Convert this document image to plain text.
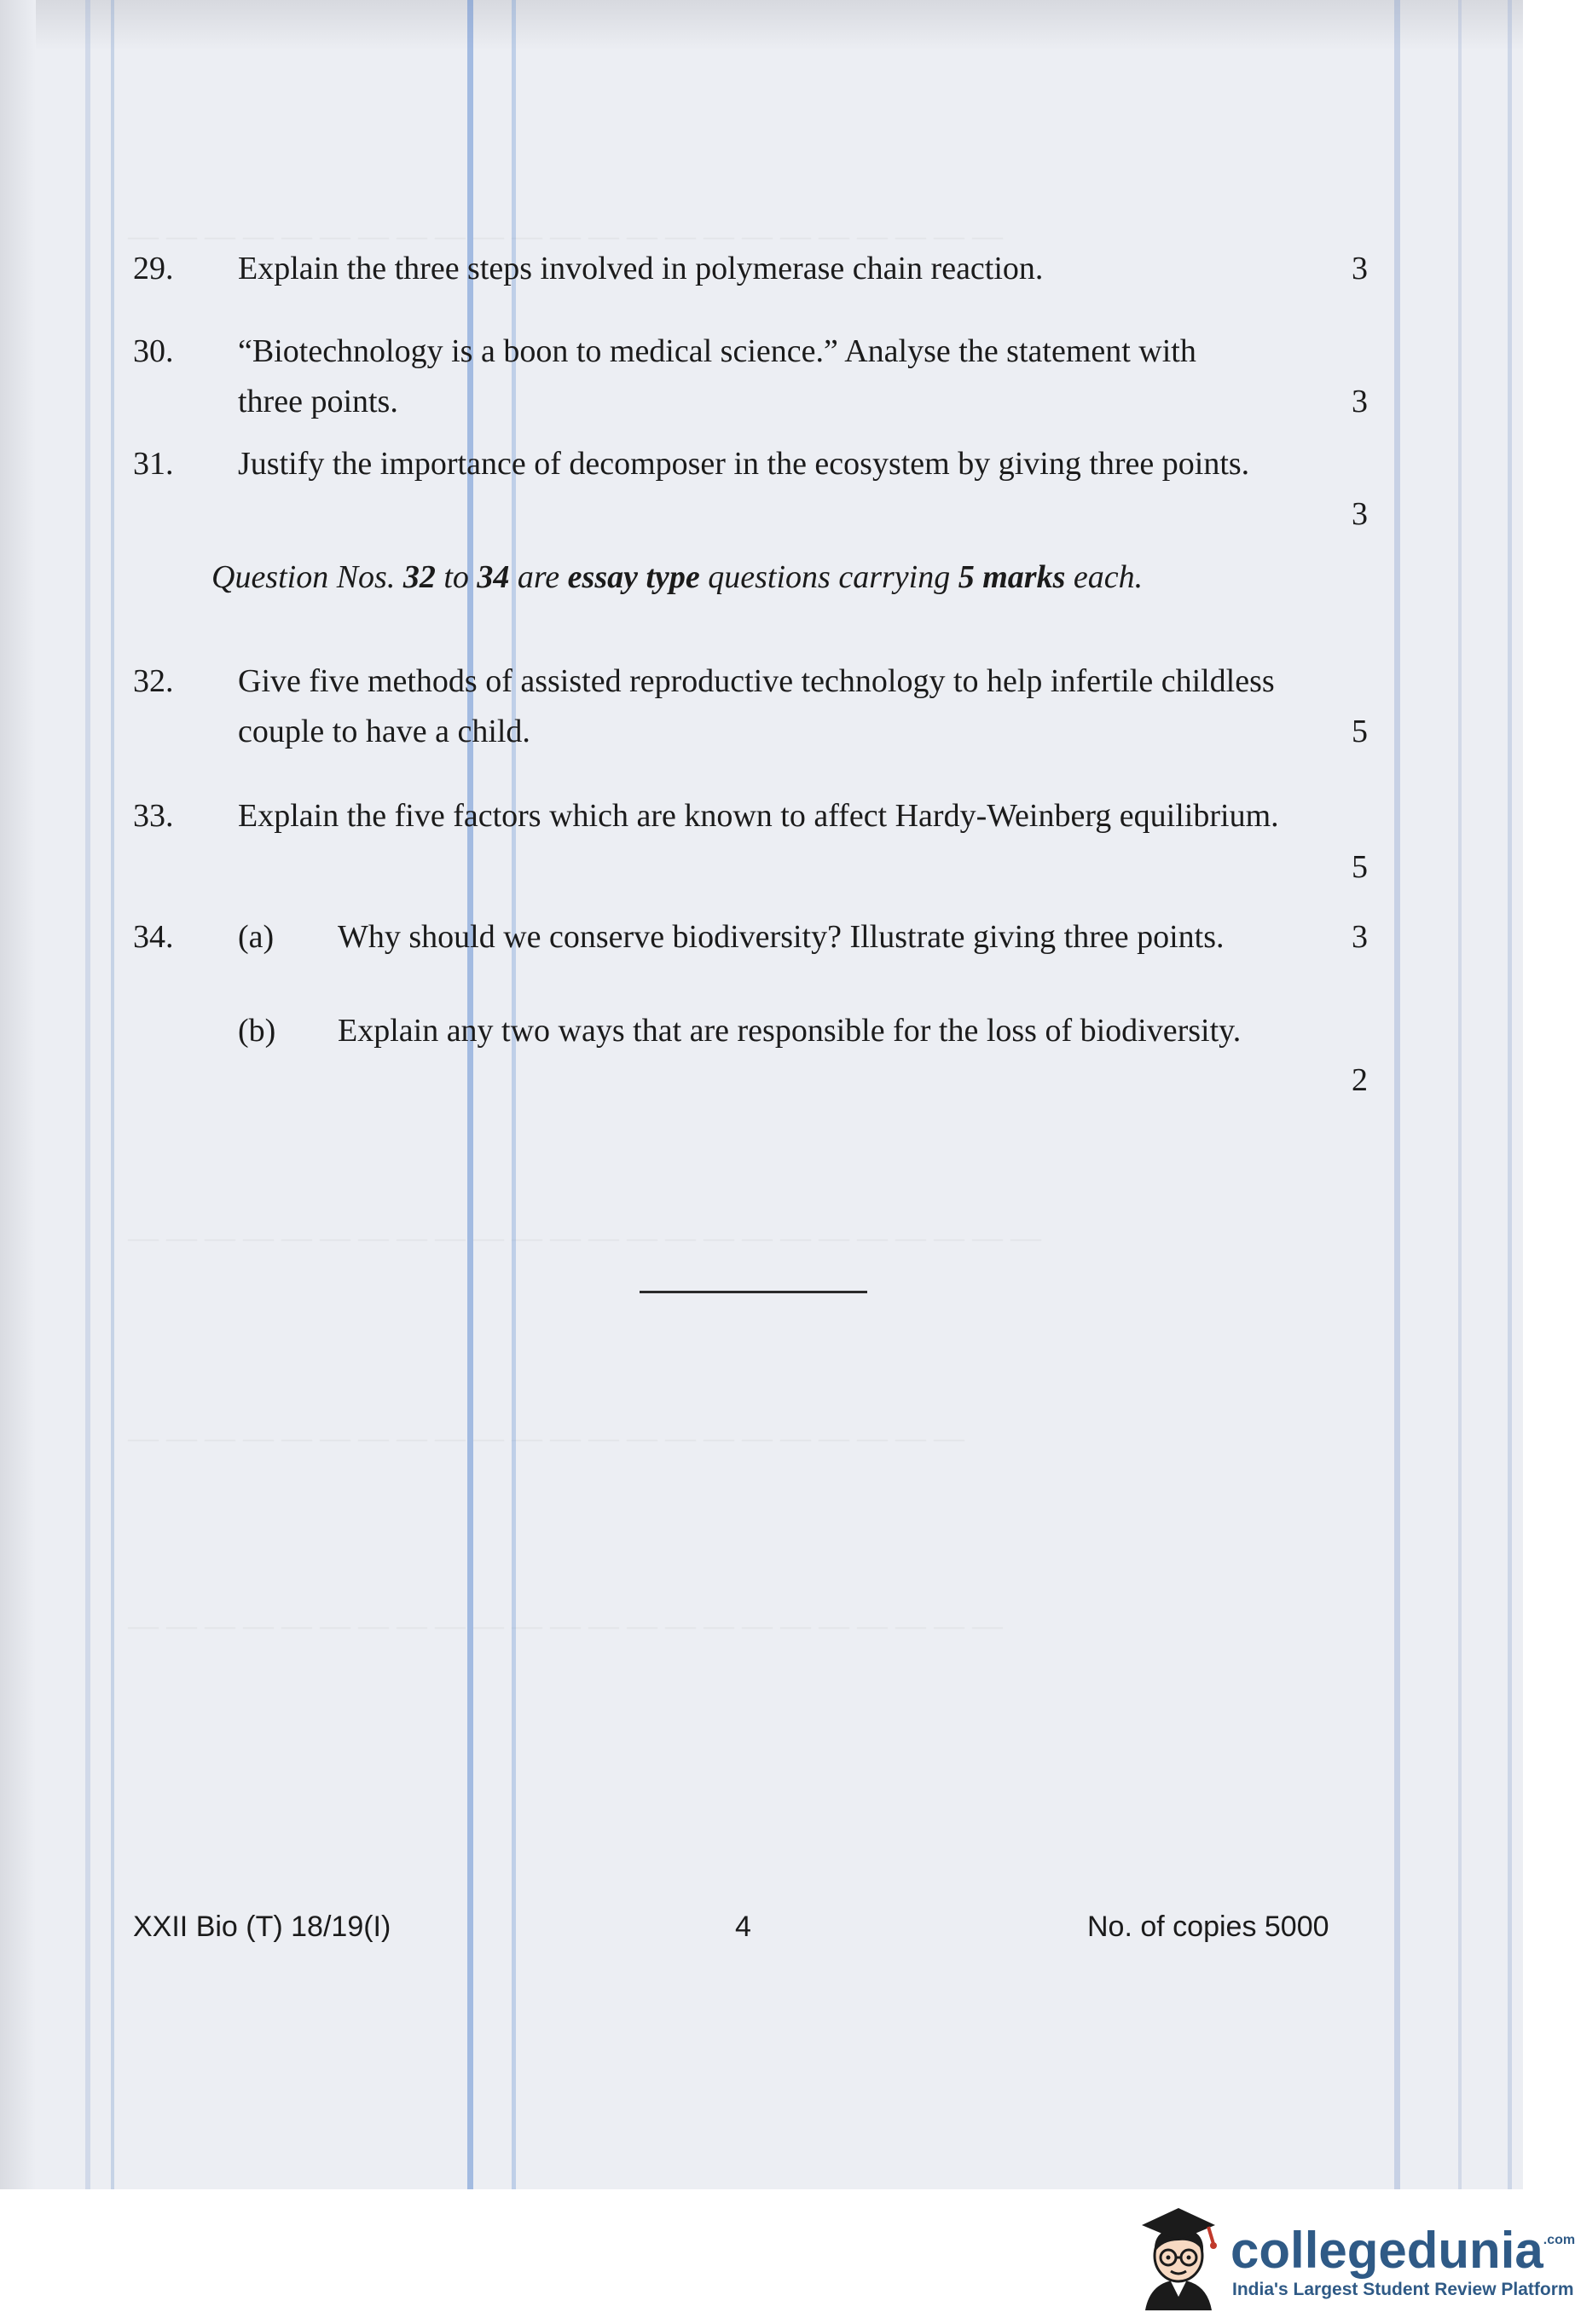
— — — — — — — — — — — — — — — — — — — — — — —
— — — — — — — — — — — — — — — — — — — — — — — —
— — — — — — — — — — — — — — — — — — — — — —
— — — — — — — — — — — — — — — — — — — — — — —
29. Explain the three steps involved in polymerase chain reaction.	3
30. “Biotechnology is a boon to medical science.” Analyse the statement with
three points.	3
31. Justify the importance of decomposer in the ecosystem by giving three points.
3
Question Nos. 32 to 34 are essay type questions carrying 5 marks each.
32. Give five methods of assisted reproductive technology to help infertile childless
couple to have a child.	5
33. Explain the five factors which are known to affect Hardy-Weinberg equilibrium.
5
34. (a) Why should we conserve biodiversity? Illustrate giving three points.	3
(b) Explain any two ways that are responsible for the loss of biodiversity.
2
XXII Bio (T) 18/19(I)	4	No. of copies 5000
collegedunia$^{.com}$
India's Largest Student Review Platform
